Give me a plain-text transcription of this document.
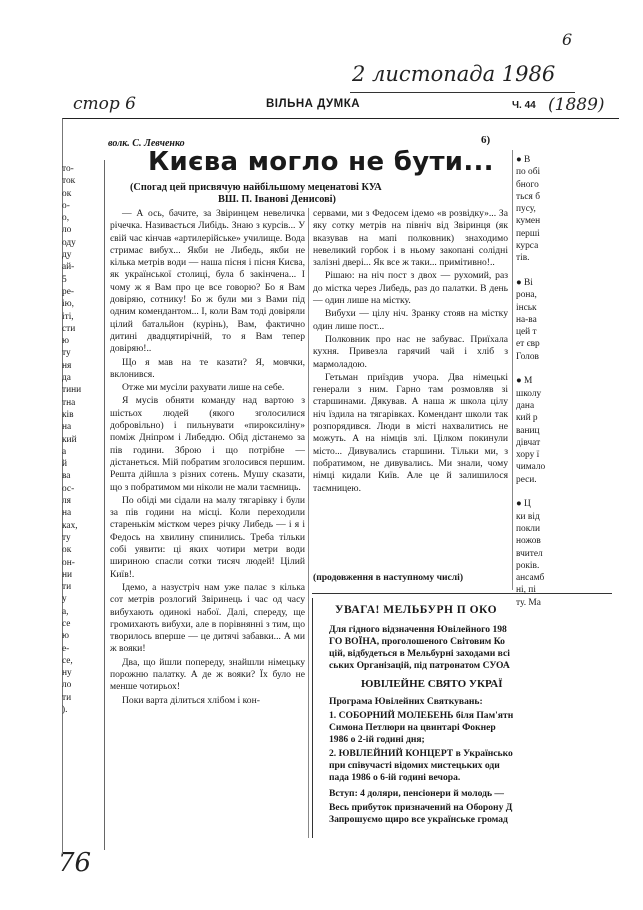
6
2 листопада 1986
стор 6	(1889)
76
ВІЛЬНА ДУМКА	Ч. 44
волк. С. Левченко	6)
Києва могло не бути...
(Спогад цей присвячую найбільшому меценатові КУА
ВШ. П. Івановi Денисові)
то-
ток
ок
о-
о,
ло
оду
ду
ай-
5
ре-
ію,
іті,
сти
ю
ту
ня
да
тини
тна
ків
на
кий
а
й
ва
ос-
ля
на
ках,
ту
ок
он-
ни
ти
у
а,
се
ю
е-
се,
ну
ло
ти
).

— А ось, бачите, за Звіринцем невеличка річечка. Називається Либідь. Знаю з курсів... У євій час кінчав «артилерійське» училище. Вода стримає вибух... Якби не Либедь, якби не кілька метрів води — наша пісня і пісня Києва, як української столиці, була б закінчена... І чому ж я Вам про це все говорю? Бо я Вам довіряю, сотнику! Бо ж були ми з Вами під одним комендантом... І, коли Вам тоді довіряли цілий батальйон (курінь), Вам, фактично дитині двадцятирічній, то я Вам тепер довіряю!..

Що я мав на те казати? Я, мовчки, вклонився.

Отже ми мусіли рахувати лише на себе.

Я мусів обняти команду над вартою з шістьох людей (якого зголосилися добровільно) і пильнувати «пироксиліну» поміж Дніпром і Либеддю. Обід дістанемо за пів години. Зброю і що потрібне — дістанеться. Мій побратим зголосився першим. Решта дійшла з різних сотень. Мушу сказати, що з побратимом ми ніколи не мали таємниць.

По обіді ми сідали на малу тягарівку і були за пів години на місці. Коли переходили старенькім містком через річку Либедь — і я і Федось на хвилину спинились. Треба тільки собі уявити: ці яких чотири метри води шириною спасли сотки тисяч людей! Цілий Київ!.

Ідемо, а назустріч нам уже палає з кілька сот метрів розлогий Звіринець і час од часу вибухають одинокі набої. Далі, спереду, ще громихають вибухи, але в порівнянні з тим, що творилось вперше — це дитячі забавки... А ми ж вояки!

Два, що йшли попереду, знайшли німецьку порожню палатку. А де ж вояки? Їх було не менше чотирьох!

Поки варта ділиться хлібом і кон-

сервами, ми з Федосем ідемо «в розвідку»... За яку сотку метрів на північ від Звіринця (як вказував на мапі полковник) знаходимо невеликий горбок і в ньому закопані солідні залізні двері... Як все ж таки... примітивно!..

Рішаю: на ніч пост з двох — рухомий, раз до містка через Либедь, раз до палатки. В день — один лише на містку.

Вибухи — цілу ніч. Зранку стояв на містку один лише пост...

Полковник про нас не забувас. Приїхала кухня. Привезла гарячий чай і хліб з мармоладою.

Гетьман приїздив учора. Два німецькі генерали з ним. Гарно там розмовляв зі старшинами. Дякував. А наша ж школа цілу ніч їздила на тягарівках. Комендант школи так розпорядився. Люди в місті нахвалитись не можуть. А на німців злі. Цілком покинули місто... Дивувались старшини. Тільки ми, з побратимом, не дивувались. Ми знали, чому німці кидали Київ. Але це й залишилося таємницею.

(продовження в наступному числі)
● В
по обі
бного
ться б
пусу,
кумен
перші
курса
тів.
● Ві
рона,
інськ
на-ва
цей т
ет євр
Голов
● М
школу
дана
кий р
ваниц
дівчат
хору ї
чимало
реси.
● Ц
ки від
покли
ножов
вчител
років.
ансамб
ні, пі
ту. Ма
УВАГА! МЕЛЬБУРН П ОКО
Для гідного відзначення Ювілейного 198
ГО ВОЇНА, проголошеного Світовим Ко
цій, відбудеться в Мельбурні заходами всі
ських Організацій, під патронатом СУОА
ЮВІЛЕЙНЕ СВЯТО УКРАЇ
Програма Ювілейних Святкувань:
1. СОБОРНИЙ МОЛЕБЕНЬ біля Пам'ятн
Симона Петлюри на цвинтарі Фокнер
1986 о 2-ій годині дня;
2. ЮВІЛЕЙНИЙ КОНЦЕРТ в Українсько
при співучасті відомих мистецьких оди
пада 1986 о 6-ій годині вечора.
Вступ: 4 доляри, пенсіонери й молодь —
Весь прибуток призначений на Оборону Д
Запрошуємо щиро все українське громад
